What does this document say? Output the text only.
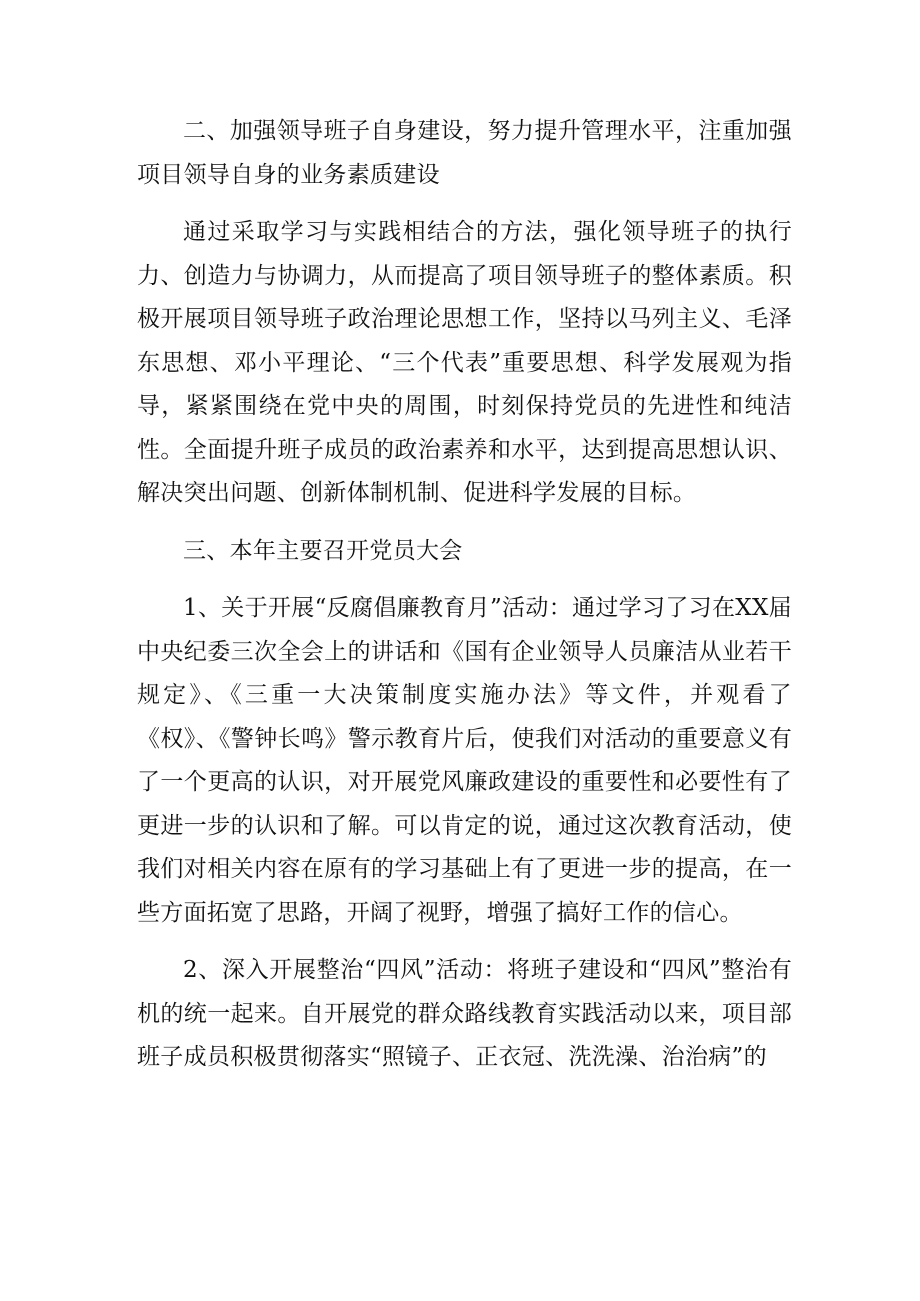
二、加强领导班子自身建设，努力提升管理水平，注重加强项目领导自身的业务素质建设

通过采取学习与实践相结合的方法，强化领导班子的执行力、创造力与协调力，从而提高了项目领导班子的整体素质。积极开展项目领导班子政治理论思想工作，坚持以马列主义、毛泽东思想、邓小平理论、“三个代表”重要思想、科学发展观为指导，紧紧围绕在党中央的周围，时刻保持党员的先进性和纯洁性。全面提升班子成员的政治素养和水平，达到提高思想认识、解决突出问题、创新体制机制、促进科学发展的目标。

三、本年主要召开党员大会

1、关于开展“反腐倡廉教育月”活动：通过学习了习在XX届中央纪委三次全会上的讲话和《国有企业领导人员廉洁从业若干规定》、《三重一大决策制度实施办法》等文件，并观看了《权》、《警钟长鸣》警示教育片后，使我们对活动的重要意义有了一个更高的认识，对开展党风廉政建设的重要性和必要性有了更进一步的认识和了解。可以肯定的说，通过这次教育活动，使我们对相关内容在原有的学习基础上有了更进一步的提高，在一些方面拓宽了思路，开阔了视野，增强了搞好工作的信心。

2、深入开展整治“四风”活动：将班子建设和“四风”整治有机的统一起来。自开展党的群众路线教育实践活动以来，项目部班子成员积极贯彻落实“照镜子、正衣冠、洗洗澡、治治病”的
